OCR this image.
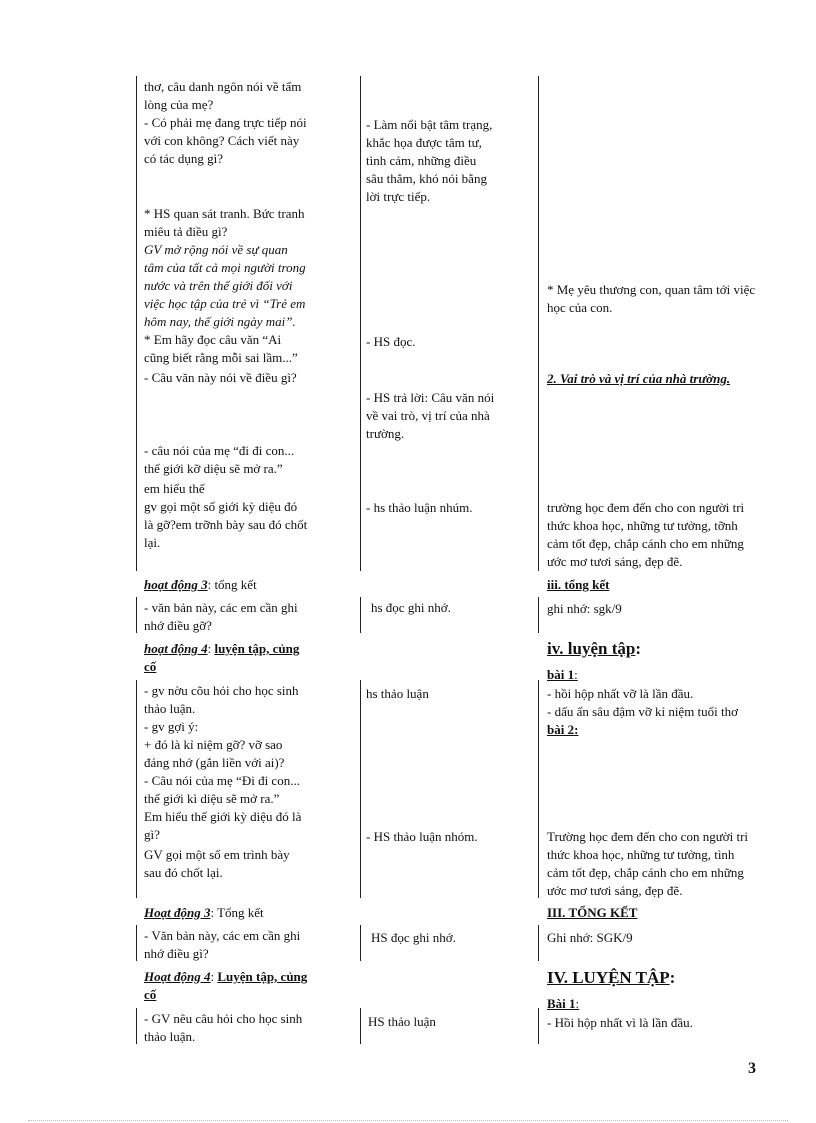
thơ, câu danh ngôn nói về tấm
lòng của mẹ?
- Có phải mẹ đang trực tiếp nói
với con không? Cách viết này
có tác dụng gì?
* HS quan sát tranh. Bức tranh
miêu tả điều gì?
GV mở rộng nói về sự quan
tâm của tất cả mọi người trong
nước và trên thế giới đối với
việc học tập của trẻ vì “Trẻ em
hôm nay, thế giới ngày mai”.
* Em hãy đọc câu văn “Ai
cũng biết rằng mỗi sai lầm...”
- Câu văn này nói về điều gì?
- câu nói của mẹ “đi đi con...
thế giới kỡ diệu sẽ mở ra.”
em hiểu thế
gv gọi một số giới kỳ diệu đó
là gỡ?em trỡnh bày sau đó chốt
lại.
hoạt động 3: tổng kết
- văn bản này, các em cần ghi
nhớ điều gỡ?
hoạt động 4: luyện tập, củng
cố
- gv nờu cõu hỏi cho học sinh
thảo luận.
- gv gợi ý:
+ đó là kỉ niệm gỡ? vỡ sao
đáng nhớ (gắn liền với ai)?
- Câu nói của mẹ “Đi đi con...
thế giới kì diệu sẽ mở ra.”
Em hiểu thế giới kỳ diệu đó là
gì?
GV gọi một số em trình bày
sau đó chốt lại.
Hoạt động 3: Tổng kết
- Văn bản này, các em cần ghi
nhớ điều gì?
Hoạt động 4: Luyện tập, củng
cố
- GV nêu câu hỏi cho học sinh
thảo luận.
- Làm nổi bật tâm trạng,
khắc họa được tâm tư,
tình cảm, những điều
sâu thẳm, khó nói bằng
lời trực tiếp.
- HS đọc.
- HS trả lời: Câu văn nói
về vai trò, vị trí của nhà
trường.
- hs thảo luận nhúm.
hs đọc ghi nhớ.
hs thảo luận
- HS thảo luận nhóm.
HS đọc ghi nhớ.
HS thảo luận
* Mẹ yêu thương con, quan tâm tới việc
học của con.
2. Vai trò và vị trí của nhà trường.
trường học đem đến cho con người tri
thức khoa học, những tư tưởng, tỡnh
cảm tốt đẹp, chắp cánh cho em những
ước mơ tươi sáng, đẹp đẽ.
iii. tổng kết
ghi nhớ: sgk/9
iv. luyện tập:
bài 1:
- hồi hộp nhất vỡ là lần đầu.
- dấu ấn sâu đậm vỡ kỉ niệm tuổi thơ
bài 2:
Trường học đem đến cho con người tri
thức khoa học, những tư tưởng, tình
cảm tốt đẹp, chắp cánh cho em những
ước mơ tươi sáng, đẹp đẽ.
III. TỔNG KẾT
Ghi nhớ: SGK/9
IV. LUYỆN TẬP:
Bài 1:
- Hồi hộp nhất vì là lần đầu.
3
